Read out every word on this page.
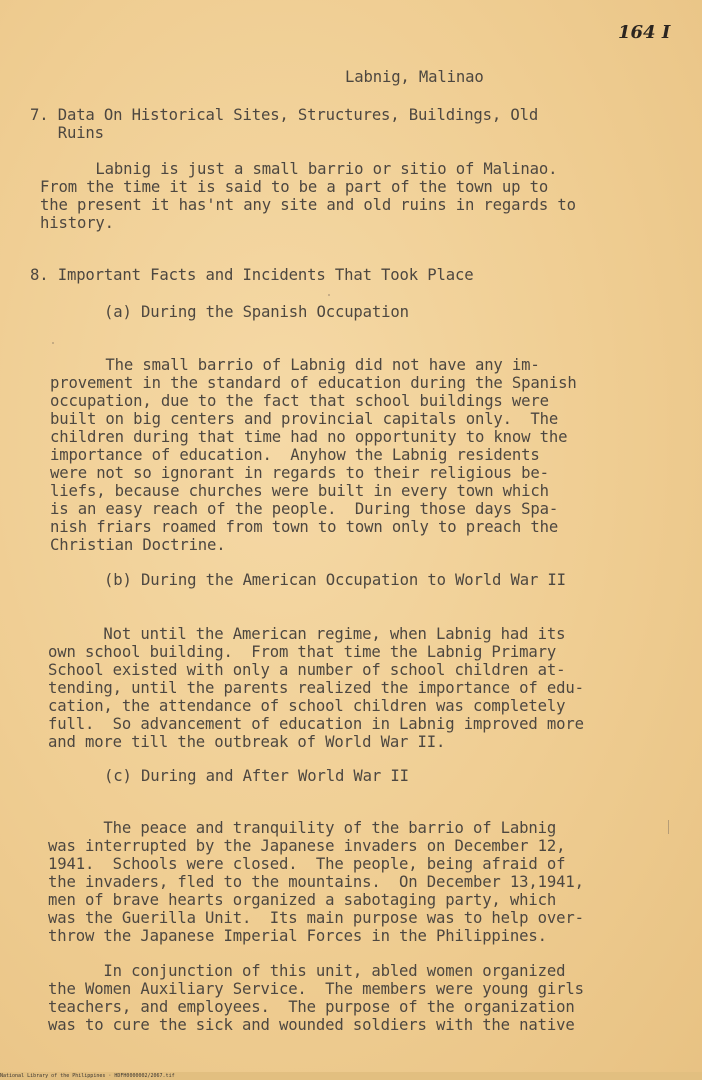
164 I

Labnig, Malinao

7. Data On Historical Sites, Structures, Buildings, Old

Ruins

Labnig is just a small barrio or sitio of Malinao.

From the time it is said to be a part of the town up to

the present it has'nt any site and old ruins in regards to

history.

8. Important Facts and Incidents That Took Place

(a) During the Spanish Occupation

The small barrio of Labnig did not have any im-

provement in the standard of education during the Spanish

occupation, due to the fact that school buildings were

built on big centers and provincial capitals only.  The

children during that time had no opportunity to know the

importance of education.  Anyhow the Labnig residents

were not so ignorant in regards to their religious be-

liefs, because churches were built in every town which

is an easy reach of the people.  During those days Spa-

nish friars roamed from town to town only to preach the

Christian Doctrine.

(b) During the American Occupation to World War II

Not until the American regime, when Labnig had its

own school building.  From that time the Labnig Primary

School existed with only a number of school children at-

tending, until the parents realized the importance of edu-

cation, the attendance of school children was completely

full.  So advancement of education in Labnig improved more

and more till the outbreak of World War II.

(c) During and After World War II

The peace and tranquility of the barrio of Labnig

was interrupted by the Japanese invaders on December 12,

1941.  Schools were closed.  The people, being afraid of

the invaders, fled to the mountains.  On December 13,1941,

men of brave hearts organized a sabotaging party, which

was the Guerilla Unit.  Its main purpose was to help over-

throw the Japanese Imperial Forces in the Philippines.

In conjunction of this unit, abled women organized

the Women Auxiliary Service.  The members were young girls

teachers, and employees.  The purpose of the organization

was to cure the sick and wounded soldiers with the native

National Library of the Philippines · HDFH0000002/2067.tif
